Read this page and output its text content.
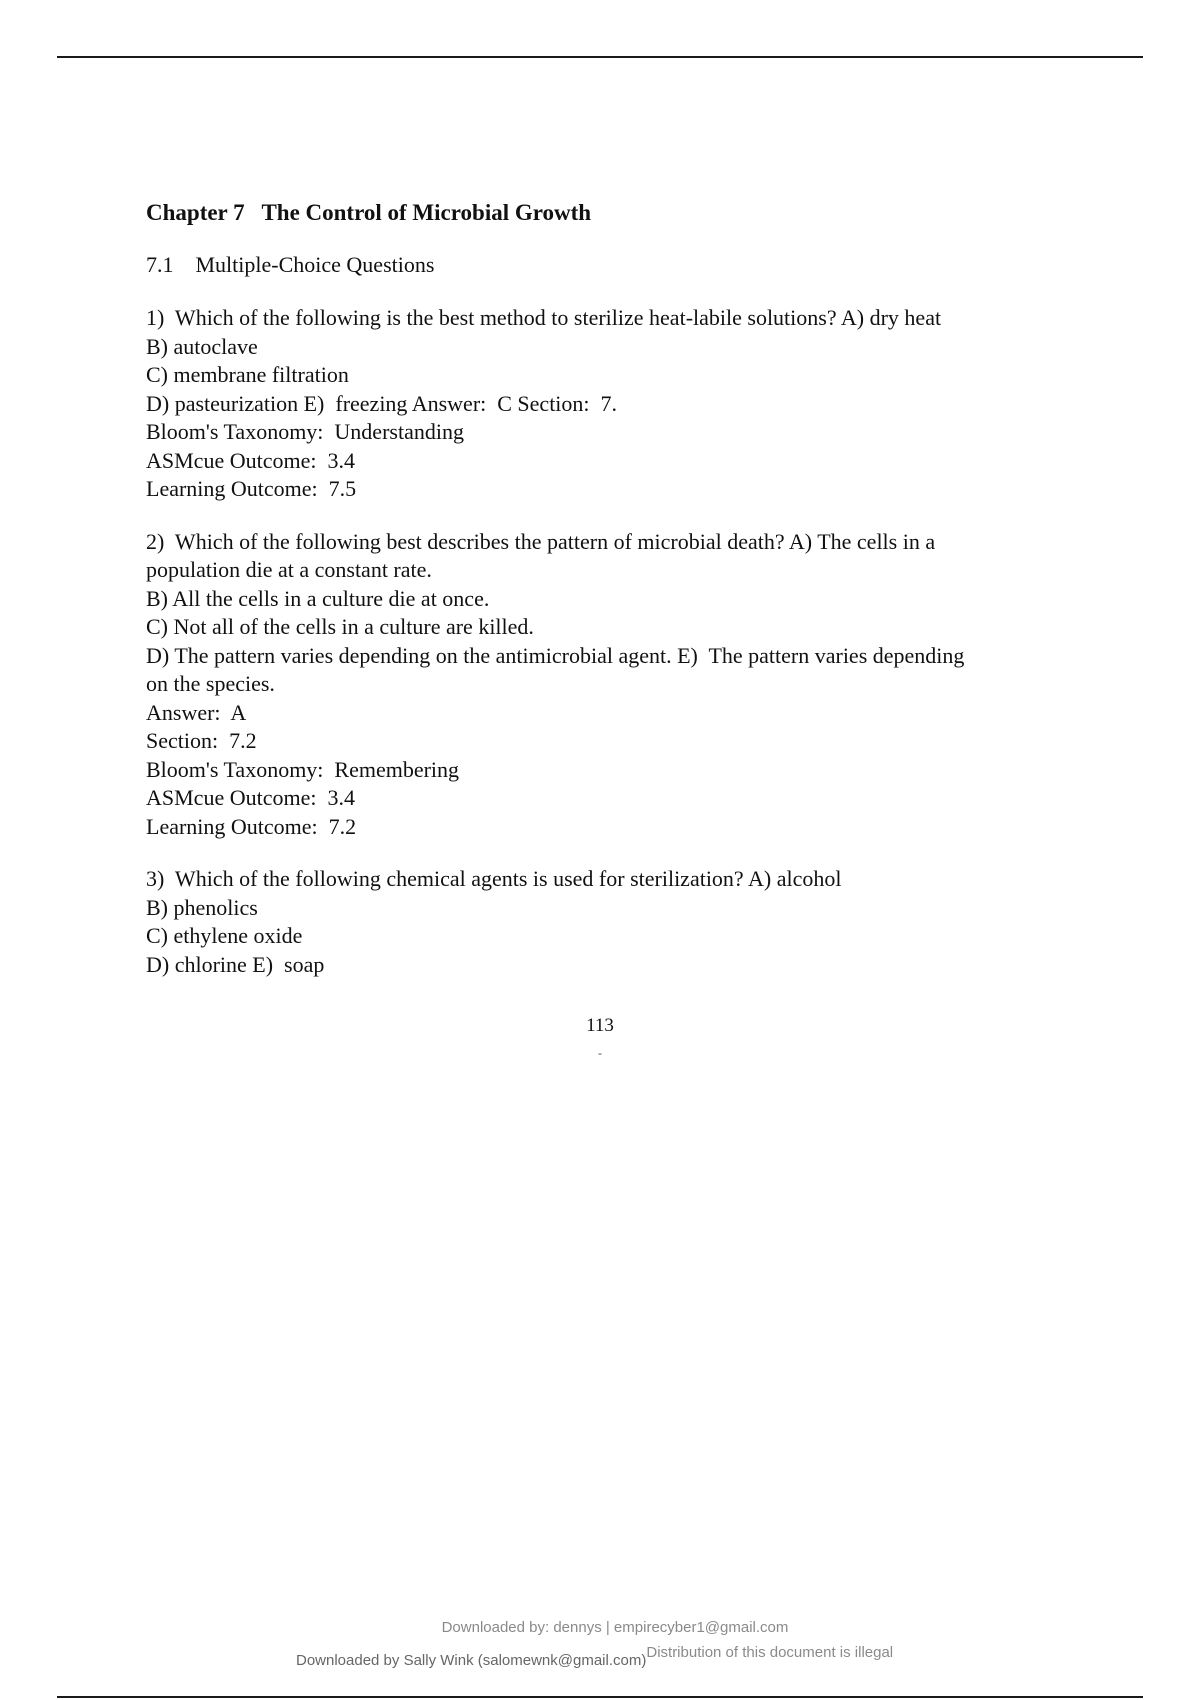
Chapter 7   The Control of Microbial Growth
7.1    Multiple-Choice Questions
1)  Which of the following is the best method to sterilize heat-labile solutions? A) dry heat
B) autoclave
C) membrane filtration
D) pasteurization E)  freezing Answer:  C Section:  7.
Bloom's Taxonomy:  Understanding
ASMcue Outcome:  3.4
Learning Outcome:  7.5
2)  Which of the following best describes the pattern of microbial death? A) The cells in a
population die at a constant rate.
B) All the cells in a culture die at once.
C) Not all of the cells in a culture are killed.
D) The pattern varies depending on the antimicrobial agent. E)  The pattern varies depending
on the species.
Answer:  A
Section:  7.2
Bloom's Taxonomy:  Remembering
ASMcue Outcome:  3.4
Learning Outcome:  7.2
3)  Which of the following chemical agents is used for sterilization? A) alcohol
B) phenolics
C) ethylene oxide
D) chlorine E)  soap
113
-
Downloaded by: dennys | empirecyber1@gmail.com
Downloaded by Sally Wink (salomewnk@gmail.com)Distribution of this document is illegal
